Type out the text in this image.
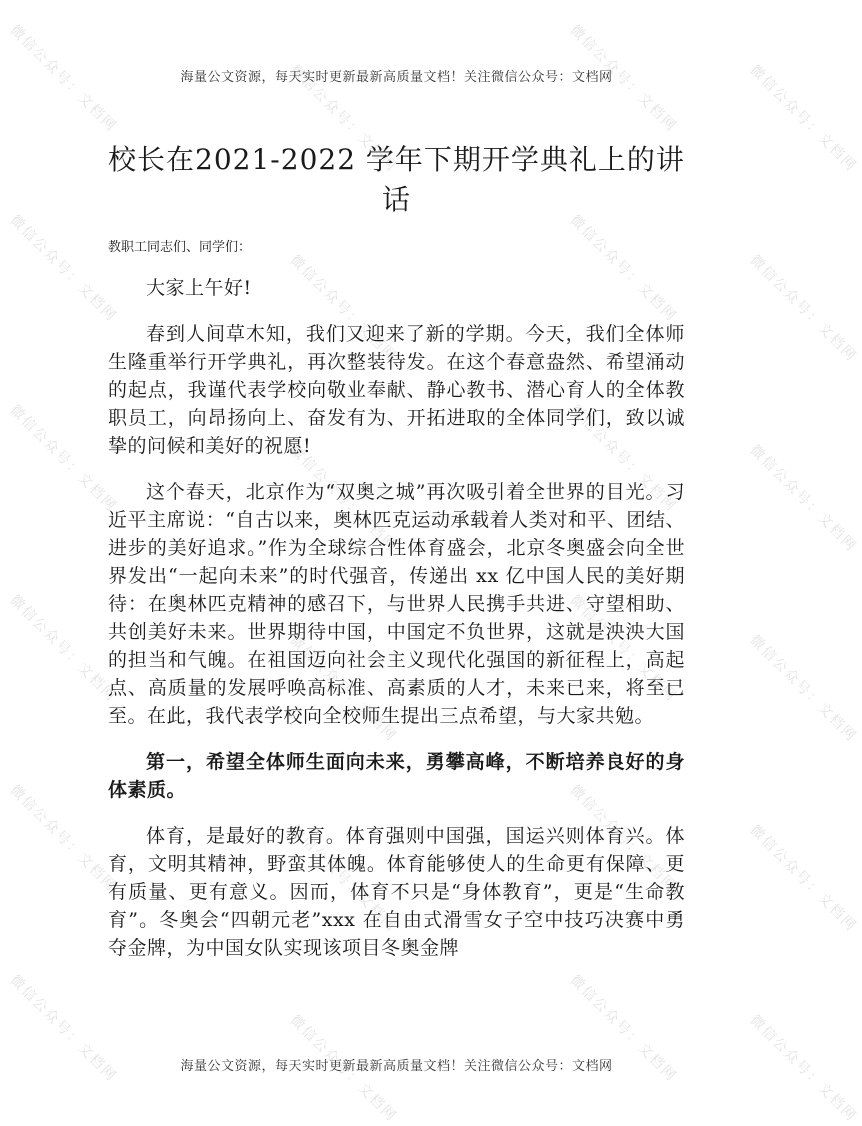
微信公众号：文档网	微信公众号：文档网	微信公众号：文档网	微信公众号：文档网
微信公众号：文档网	微信公众号：文档网	微信公众号：文档网	微信公众号：文档网
微信公众号：文档网	微信公众号：文档网	微信公众号：文档网	微信公众号：文档网
微信公众号：文档网	微信公众号：文档网	微信公众号：文档网	微信公众号：文档网
微信公众号：文档网	微信公众号：文档网	微信公众号：文档网	微信公众号：文档网
微信公众号：文档网	微信公众号：文档网	微信公众号：文档网	微信公众号：文档网
海量公文资源，每天实时更新最新高质量文档！关注微信公众号：文档网
校长在2021-2022 学年下期开学典礼上的讲话
教职工同志们、同学们：

大家上午好!

春到人间草木知，我们又迎来了新的学期。今天，我们全体师生隆重举行开学典礼，再次整装待发。在这个春意盎然、希望涌动的起点，我谨代表学校向敬业奉献、静心教书、潜心育人的全体教职员工，向昂扬向上、奋发有为、开拓进取的全体同学们，致以诚挚的问候和美好的祝愿!

这个春天，北京作为“双奥之城”再次吸引着全世界的目光。习近平主席说：“自古以来，奥林匹克运动承载着人类对和平、团结、进步的美好追求。”作为全球综合性体育盛会，北京冬奥盛会向全世界发出“一起向未来”的时代强音，传递出 xx 亿中国人民的美好期待：在奥林匹克精神的感召下，与世界人民携手共进、守望相助、共创美好未来。世界期待中国，中国定不负世界，这就是泱泱大国的担当和气魄。在祖国迈向社会主义现代化强国的新征程上，高起点、高质量的发展呼唤高标准、高素质的人才，未来已来，将至已至。在此，我代表学校向全校师生提出三点希望，与大家共勉。

第一，希望全体师生面向未来，勇攀高峰，不断培养良好的身体素质。

体育，是最好的教育。体育强则中国强，国运兴则体育兴。体育，文明其精神，野蛮其体魄。体育能够使人的生命更有保障、更有质量、更有意义。因而，体育不只是“身体教育”，更是“生命教育”。冬奥会“四朝元老”xxx 在自由式滑雪女子空中技巧决赛中勇夺金牌，为中国女队实现该项目冬奥金牌

海量公文资源，每天实时更新最新高质量文档！关注微信公众号：文档网
